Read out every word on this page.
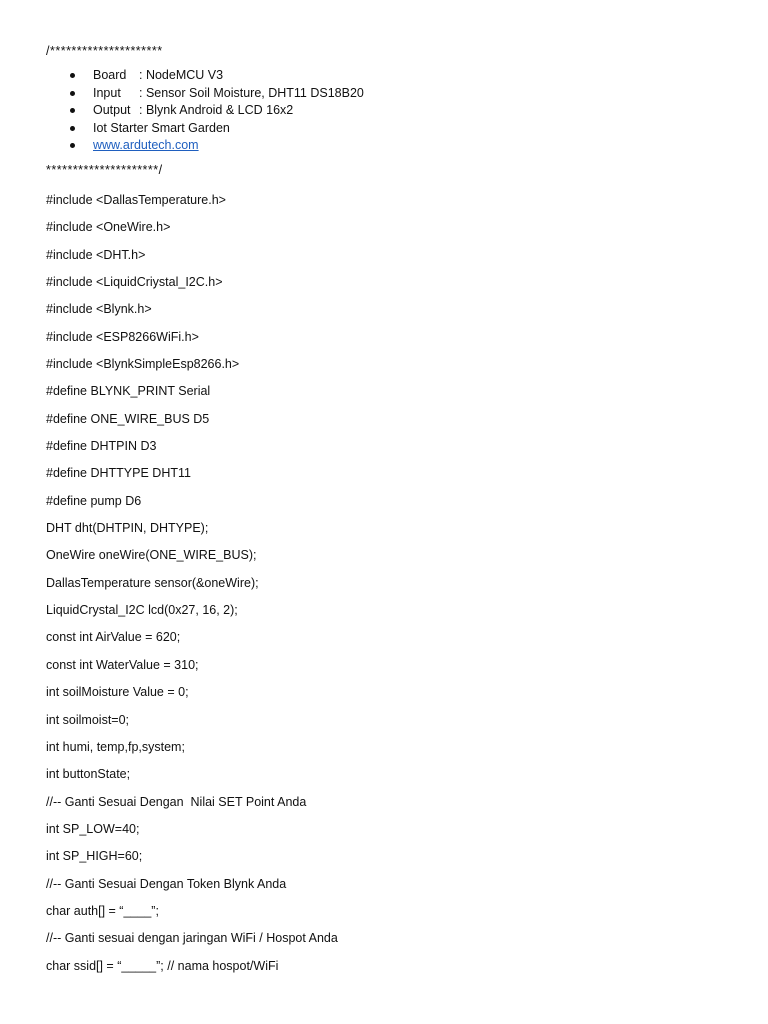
/*********************
Board : NodeMCU V3
Input : Sensor Soil Moisture, DHT11 DS18B20
Output : Blynk Android & LCD 16x2
Iot Starter Smart Garden
www.ardutech.com
*********************/
#include <DallasTemperature.h>
#include <OneWire.h>
#include <DHT.h>
#include <LiquidCriystal_I2C.h>
#include <Blynk.h>
#include <ESP8266WiFi.h>
#include <BlynkSimpleEsp8266.h>
#define BLYNK_PRINT Serial
#define ONE_WIRE_BUS D5
#define DHTPIN D3
#define DHTTYPE DHT11
#define pump D6
DHT dht(DHTPIN, DHTYPE);
OneWire oneWire(ONE_WIRE_BUS);
DallasTemperature sensor(&oneWire);
LiquidCrystal_I2C lcd(0x27, 16, 2);
const int AirValue = 620;
const int WaterValue = 310;
int soilMoisture Value = 0;
int soilmoist=0;
int humi, temp,fp,system;
int buttonState;
//-- Ganti Sesuai Dengan  Nilai SET Point Anda
int SP_LOW=40;
int SP_HIGH=60;
//-- Ganti Sesuai Dengan Token Blynk Anda
char auth[] = “____”;
//-- Ganti sesuai dengan jaringan WiFi / Hospot Anda
char ssid[] = “_____”; // nama hospot/WiFi
